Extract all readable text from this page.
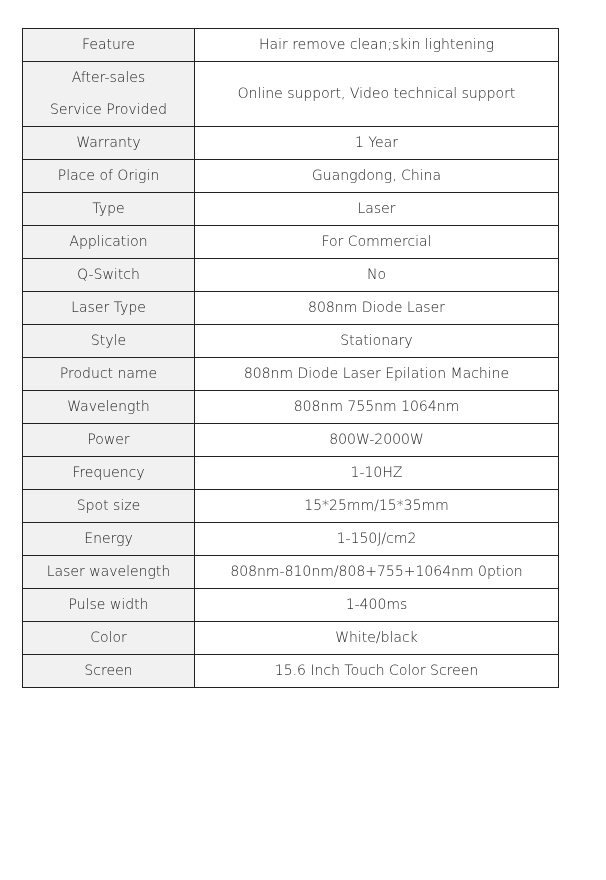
Feature	Hair remove clean;skin lightening

After-sales Service Provided	Online support, Video technical support
Warranty	1 Year
Place of Origin	Guangdong, China
Type	Laser
Application	For Commercial
Q-Switch	No
Laser Type	808nm Diode Laser
Style	Stationary
Product name	808nm Diode Laser Epilation Machine
Wavelength	808nm 755nm 1064nm
Power	800W-2000W
Frequency	1-10HZ
Spot size	15*25mm/15*35mm
Energy	1-150J/cm2
Laser wavelength	808nm-810nm/808+755+1064nm 0ption
Pulse width	1-400ms
Color	White/black
Screen	15.6 Inch Touch Color Screen
